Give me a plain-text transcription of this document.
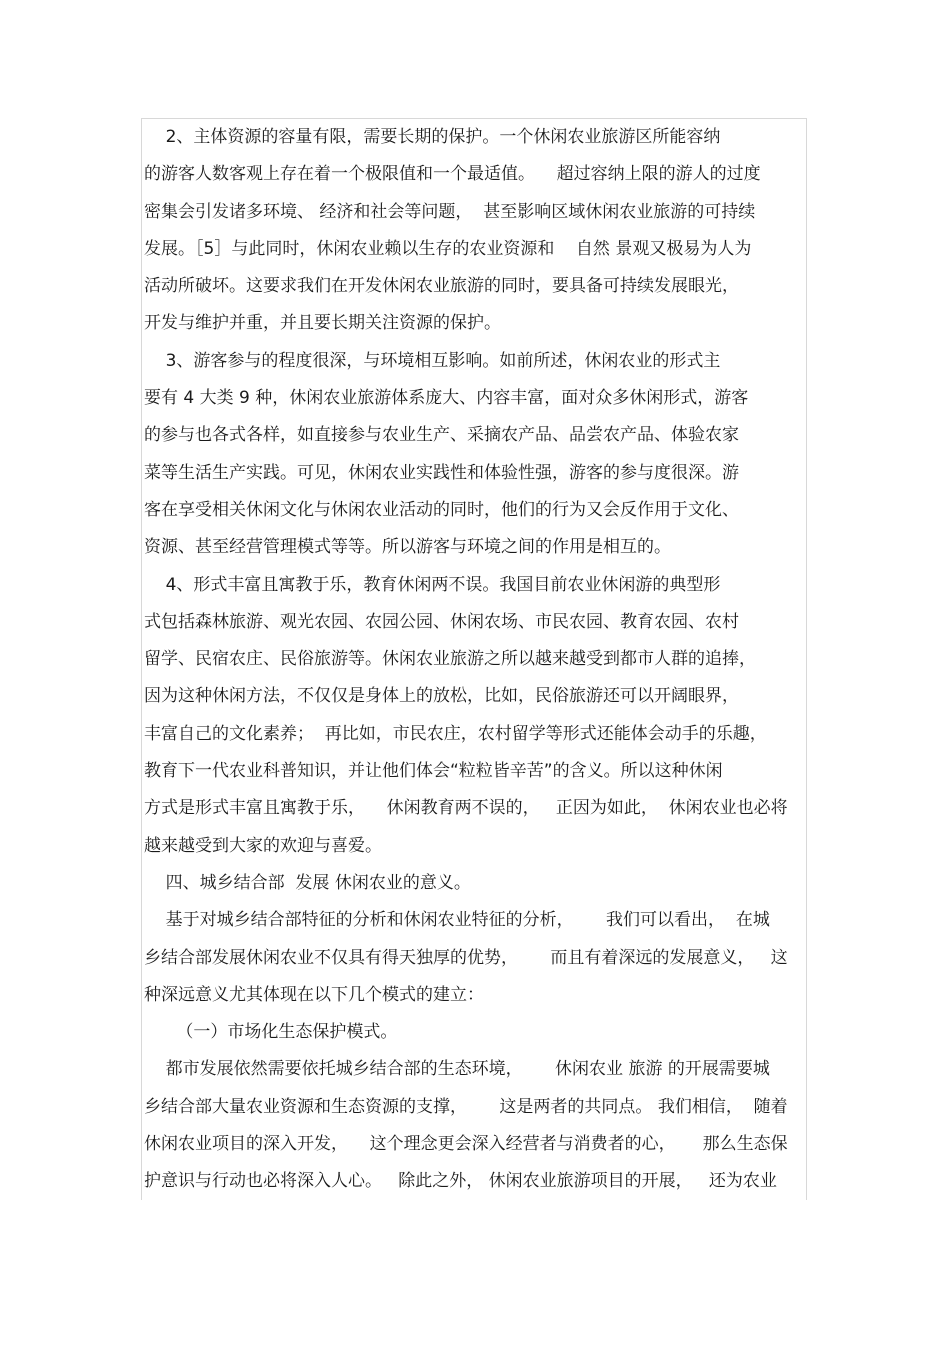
2、主体资源的容量有限，需要长期的保护。一个休闲农业旅游区所能容纳
的游客人数客观上存在着一个极限值和一个最适值。    超过容纳上限的游人的过度
密集会引发诸多环境、 经济和社会等问题，  甚至影响区域休闲农业旅游的可持续
发展。［5］与此同时，休闲农业赖以生存的农业资源和    自然 景观又极易为人为
活动所破坏。这要求我们在开发休闲农业旅游的同时，要具备可持续发展眼光，
开发与维护并重，并且要长期关注资源的保护。
3、游客参与的程度很深，与环境相互影响。如前所述，休闲农业的形式主
要有 4 大类 9 种，休闲农业旅游体系庞大、内容丰富，面对众多休闲形式，游客
的参与也各式各样，如直接参与农业生产、采摘农产品、品尝农产品、体验农家
菜等生活生产实践。可见，休闲农业实践性和体验性强，游客的参与度很深。游
客在享受相关休闲文化与休闲农业活动的同时，他们的行为又会反作用于文化、
资源、甚至经营管理模式等等。所以游客与环境之间的作用是相互的。
4、形式丰富且寓教于乐，教育休闲两不误。我国目前农业休闲游的典型形
式包括森林旅游、观光农园、农园公园、休闲农场、市民农园、教育农园、农村
留学、民宿农庄、民俗旅游等。休闲农业旅游之所以越来越受到都市人群的追捧，
因为这种休闲方法，不仅仅是身体上的放松，比如，民俗旅游还可以开阔眼界，
丰富自己的文化素养；  再比如，市民农庄，农村留学等形式还能体会动手的乐趣，
教育下一代农业科普知识，并让他们体会“粒粒皆辛苦”的含义。所以这种休闲
方式是形式丰富且寓教于乐，    休闲教育两不误的，   正因为如此，  休闲农业也必将
越来越受到大家的欢迎与喜爱。
四、城乡结合部  发展 休闲农业的意义。
基于对城乡结合部特征的分析和休闲农业特征的分析，      我们可以看出，  在城
乡结合部发展休闲农业不仅具有得天独厚的优势，      而且有着深远的发展意义，   这
种深远意义尤其体现在以下几个模式的建立：
（一）市场化生态保护模式。
都市发展依然需要依托城乡结合部的生态环境，      休闲农业 旅游 的开展需要城
乡结合部大量农业资源和生态资源的支撑，      这是两者的共同点。 我们相信，  随着
休闲农业项目的深入开发，    这个理念更会深入经营者与消费者的心，     那么生态保
护意识与行动也必将深入人心。   除此之外， 休闲农业旅游项目的开展，   还为农业
